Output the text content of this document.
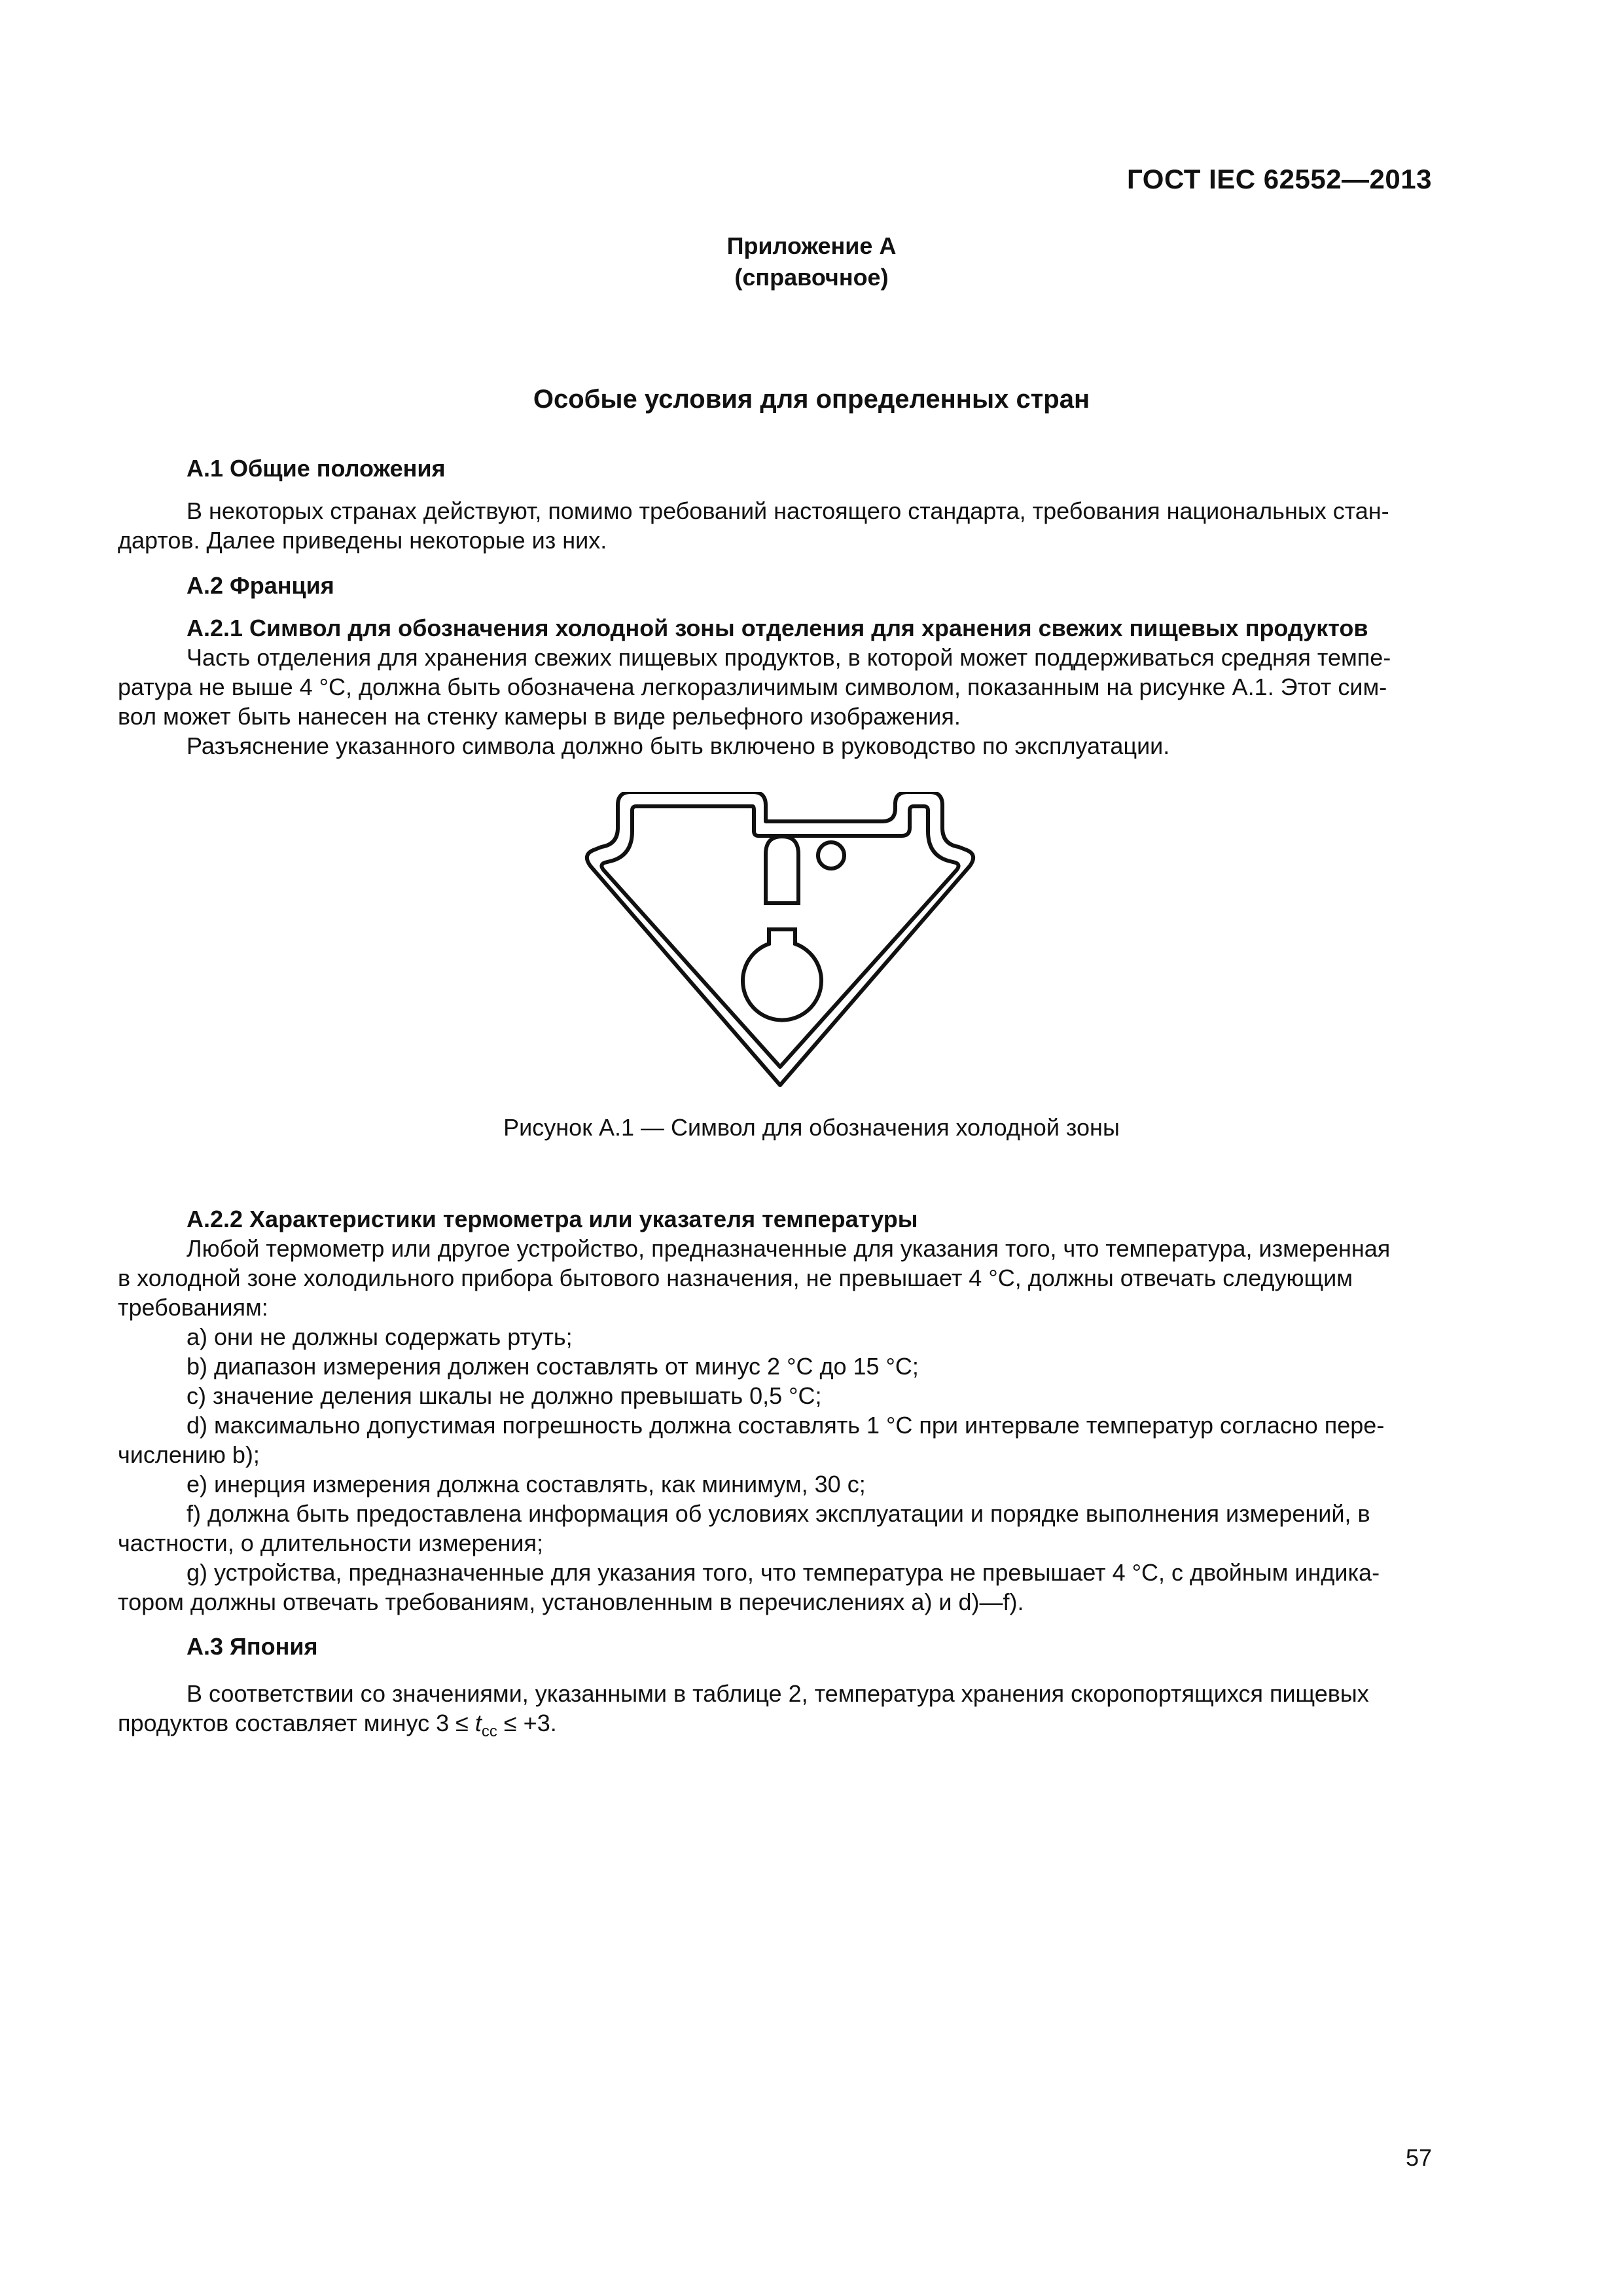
ГОСТ IEC 62552—2013
Приложение А
(справочное)
Особые условия для определенных стран
А.1 Общие положения
В некоторых странах действуют, помимо требований настоящего стандарта, требования национальных стан-
дартов. Далее приведены некоторые из них.
А.2 Франция
А.2.1 Символ для обозначения холодной зоны отделения для хранения свежих пищевых продуктов
Часть отделения для хранения свежих пищевых продуктов, в которой может поддерживаться средняя темпе-
ратура не выше 4 °С, должна быть обозначена легкоразличимым символом, показанным на рисунке А.1. Этот сим-
вол может быть нанесен на стенку камеры в виде рельефного изображения.
Разъяснение указанного символа должно быть включено в руководство по эксплуатации.
Рисунок А.1 — Символ для обозначения холодной зоны
А.2.2 Характеристики термометра или указателя температуры
Любой термометр или другое устройство, предназначенные для указания того, что температура, измеренная
в холодной зоне холодильного прибора бытового назначения, не превышает 4 °С, должны отвечать следующим
требованиям:
a) они не должны содержать ртуть;
b) диапазон измерения должен составлять от минус 2 °С до 15 °С;
c) значение деления шкалы не должно превышать 0,5 °С;
d) максимально допустимая погрешность должна составлять 1 °С при интервале температур согласно пере-
числению b);
e) инерция измерения должна составлять, как минимум, 30 с;
f) должна быть предоставлена информация об условиях эксплуатации и порядке выполнения измерений, в
частности, о длительности измерения;
g) устройства, предназначенные для указания того, что температура не превышает 4 °С, с двойным индика-
тором должны отвечать требованиям, установленным в перечислениях а) и d)—f).
А.3 Япония
В соответствии со значениями, указанными в таблице 2, температура хранения скоропортящихся пищевых
продуктов составляет минус $3 \le t_{cc} \le +3$.
57
